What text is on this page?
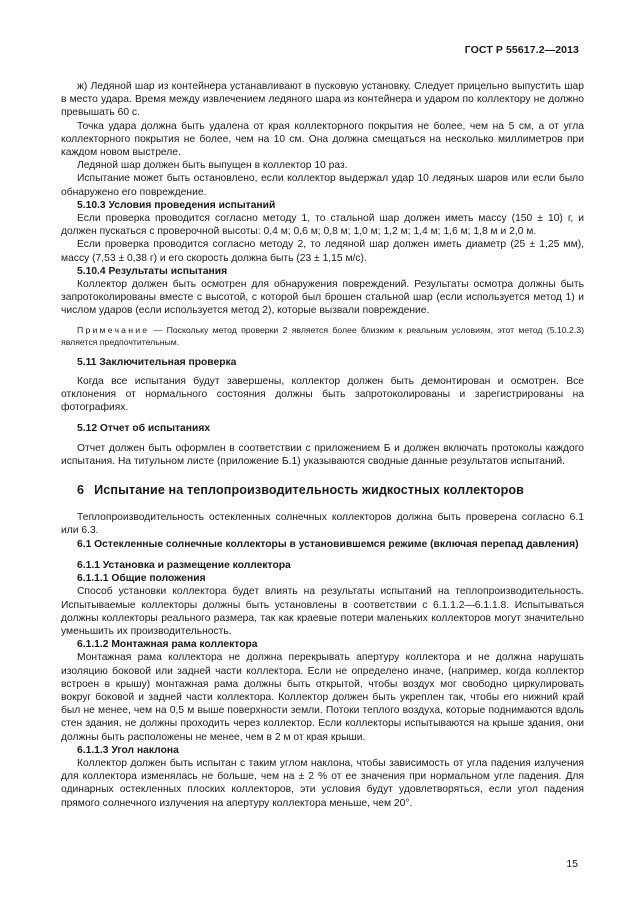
ГОСТ Р 55617.2—2013

ж) Ледяной шар из контейнера устанавливают в пусковую установку. Следует прицельно выпустить шар в место удара. Время между извлечением ледяного шара из контейнера и ударом по коллектору не должно превышать 60 с.

Точка удара должна быть удалена от края коллекторного покрытия не более, чем на 5 см, а от угла коллекторного покрытия не более, чем на 10 см. Она должна смещаться на несколько миллиметров при каждом новом выстреле.

Ледяной шар должен быть выпущен в коллектор 10 раз.

Испытание может быть остановлено, если коллектор выдержал удар 10 ледяных шаров или если было обнаружено его повреждение.

5.10.3 Условия проведения испытаний

Если проверка проводится согласно методу 1, то стальной шар должен иметь массу (150 ± 10) г, и должен пускаться с проверочной высоты: 0,4 м; 0,6 м; 0,8 м; 1,0 м; 1,2 м; 1,4 м; 1,6 м; 1,8 м и 2,0 м.

Если проверка проводится согласно методу 2, то ледяной шар должен иметь диаметр (25 ± 1,25 мм), массу (7,53 ± 0,38 г) и его скорость должна быть (23 ± 1,15 м/с).

5.10.4 Результаты испытания

Коллектор должен быть осмотрен для обнаружения повреждений. Результаты осмотра должны быть запротоколированы вместе с высотой, с которой был брошен стальной шар (если используется метод 1) и числом ударов (если используется метод 2), которые вызвали повреждение.

Примечание — Поскольку метод проверки 2 является более близким к реальным условиям, этот метод (5.10.2.3) является предпочтительным.

5.11 Заключительная проверка

Когда все испытания будут завершены, коллектор должен быть демонтирован и осмотрен. Все отклонения от нормального состояния должны быть запротоколированы и зарегистрированы на фотографиях.

5.12 Отчет об испытаниях

Отчет должен быть оформлен в соответствии с приложением Б и должен включать протоколы каждого испытания. На титульном листе (приложение Б.1) указываются сводные данные результатов испытаний.

6 Испытание на теплопроизводительность жидкостных коллекторов

Теплопроизводительность остекленных солнечных коллекторов должна быть проверена согласно 6.1 или 6.3.

6.1 Остекленные солнечные коллекторы в установившемся режиме (включая перепад давления)

6.1.1 Установка и размещение коллектора

6.1.1.1 Общие положения

Способ установки коллектора будет влиять на результаты испытаний на теплопроизводительность. Испытываемые коллекторы должны быть установлены в соответствии с 6.1.1.2—6.1.1.8. Испытываться должны коллекторы реального размера, так как краевые потери маленьких коллекторов могут значительно уменьшить их производительность.

6.1.1.2 Монтажная рама коллектора

Монтажная рама коллектора не должна перекрывать апертуру коллектора и не должна нарушать изоляцию боковой или задней части коллектора. Если не определено иначе, (например, когда коллектор встроен в крышу) монтажная рама должны быть открытой, чтобы воздух мог свободно циркулировать вокруг боковой и задней части коллектора. Коллектор должен быть укреплен так, чтобы его нижний край был не менее, чем на 0,5 м выше поверхности земли. Потоки теплого воздуха, которые поднимаются вдоль стен здания, не должны проходить через коллектор. Если коллекторы испытываются на крыше здания, они должны быть расположены не менее, чем в 2 м от края крыши.

6.1.1.3 Угол наклона

Коллектор должен быть испытан с таким углом наклона, чтобы зависимость от угла падения излучения для коллектора изменялась не больше, чем на ± 2 % от ее значения при нормальном угле падения. Для одинарных остекленных плоских коллекторов, эти условия будут удовлетворяться, если угол падения прямого солнечного излучения на апертуру коллектора меньше, чем 20°.

15
